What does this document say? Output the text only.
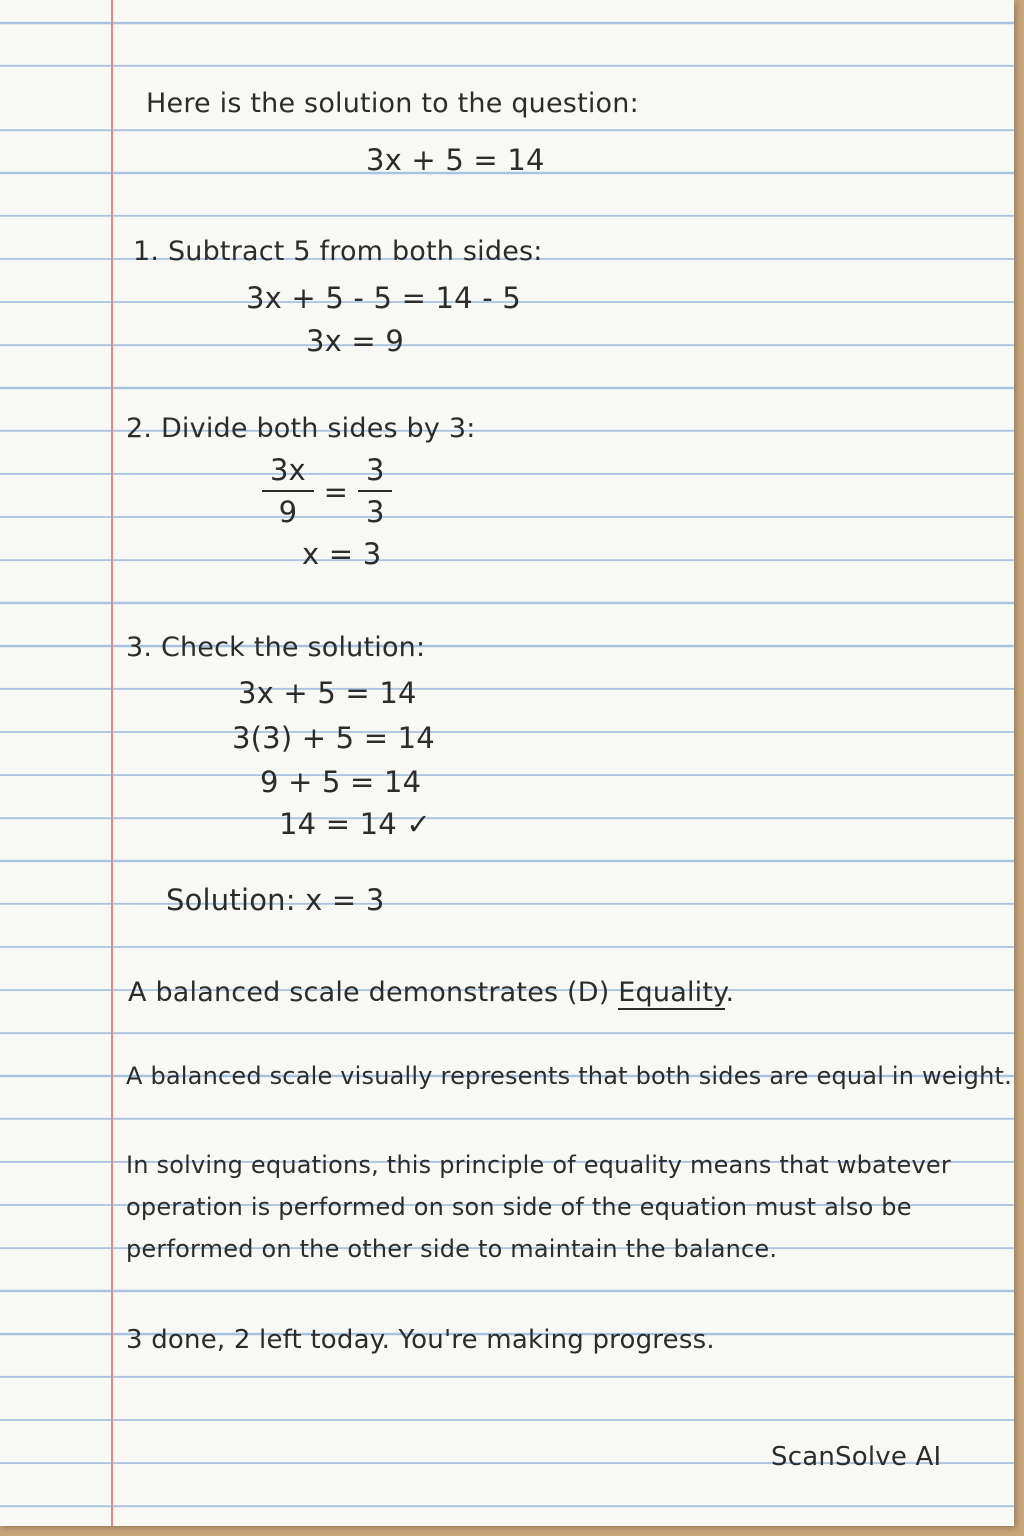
Here is the solution to the question:
3x + 5 = 14
1. Subtract 5 from both sides:
3x + 5 - 5 = 14 - 5
3x = 9
2. Divide both sides by 3:
$\frac{3x}{9} = \frac{3}{3}$
x = 3
3. Check the solution:
3x + 5 = 14
3(3) + 5 = 14
9 + 5 = 14
14 = 14 ✓
Solution: x = 3
A balanced scale demonstrates (D) Equality.
A balanced scale visually represents that both sides are equal in weight.
In solving equations, this principle of equality means that wbatever
operation is performed on son side of the equation must also be
performed on the other side to maintain the balance.
3 done, 2 left today. You're making progress.
ScanSolve AI
